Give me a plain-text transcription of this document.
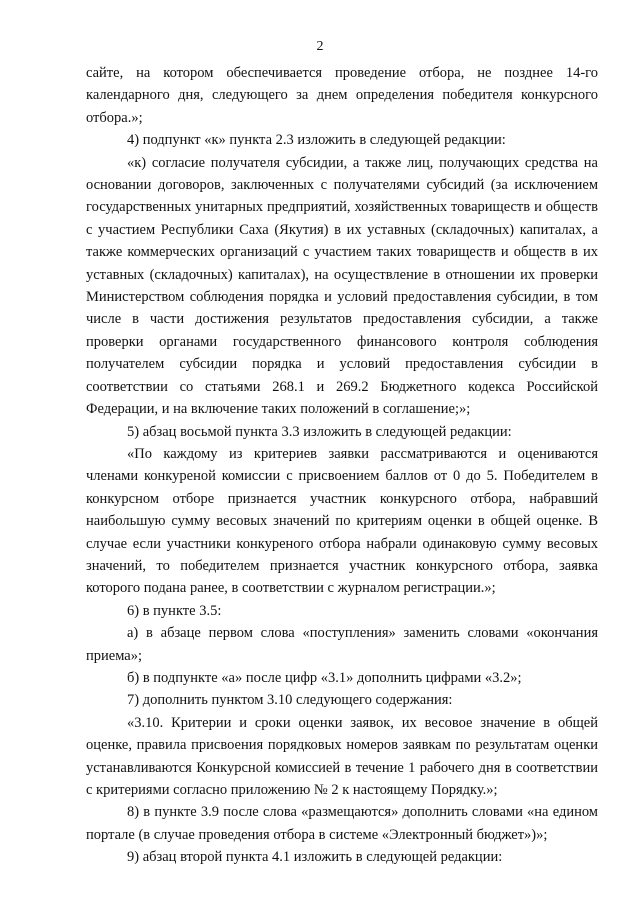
2

сайте, на котором обеспечивается проведение отбора, не позднее 14-го календарного дня, следующего за днем определения победителя конкурсного отбора.»;

4) подпункт «к» пункта 2.3 изложить в следующей редакции:

«к) согласие получателя субсидии, а также лиц, получающих средства на основании договоров, заключенных с получателями субсидий (за исключением государственных унитарных предприятий, хозяйственных товариществ и обществ с участием Республики Саха (Якутия) в их уставных (складочных) капиталах, а также коммерческих организаций с участием таких товариществ и обществ в их уставных (складочных) капиталах), на осуществление в отношении их проверки Министерством соблюдения порядка и условий предоставления субсидии, в том числе в части достижения результатов предоставления субсидии, а также проверки органами государственного финансового контроля соблюдения получателем субсидии порядка и условий предоставления субсидии в соответствии со статьями 268.1 и 269.2 Бюджетного кодекса Российской Федерации, и на включение таких положений в соглашение;»;

5) абзац восьмой пункта 3.3 изложить в следующей редакции:

«По каждому из критериев заявки рассматриваются и оцениваются членами конкуреной комиссии с присвоением баллов от 0 до 5. Победителем в конкурсном отборе признается участник конкурсного отбора, набравший наибольшую сумму весовых значений по критериям оценки в общей оценке. В случае если участники конкуреного отбора набрали одинаковую сумму весовых значений, то победителем признается участник конкурсного отбора, заявка которого подана ранее, в соответствии с журналом регистрации.»;

6) в пункте 3.5:

а) в абзаце первом слова «поступления» заменить словами «окончания приема»;

б) в подпункте «а» после цифр «3.1» дополнить цифрами «3.2»;

7) дополнить пунктом 3.10 следующего содержания:

«3.10. Критерии и сроки оценки заявок, их весовое значение в общей оценке, правила присвоения порядковых номеров заявкам по результатам оценки устанавливаются Конкурсной комиссией в течение 1 рабочего дня в соответствии с критериями согласно приложению № 2 к настоящему Порядку.»;

8) в пункте 3.9 после слова «размещаются» дополнить словами «на едином портале (в случае проведения отбора в системе «Электронный бюджет»)»;

9) абзац второй пункта 4.1 изложить в следующей редакции:
